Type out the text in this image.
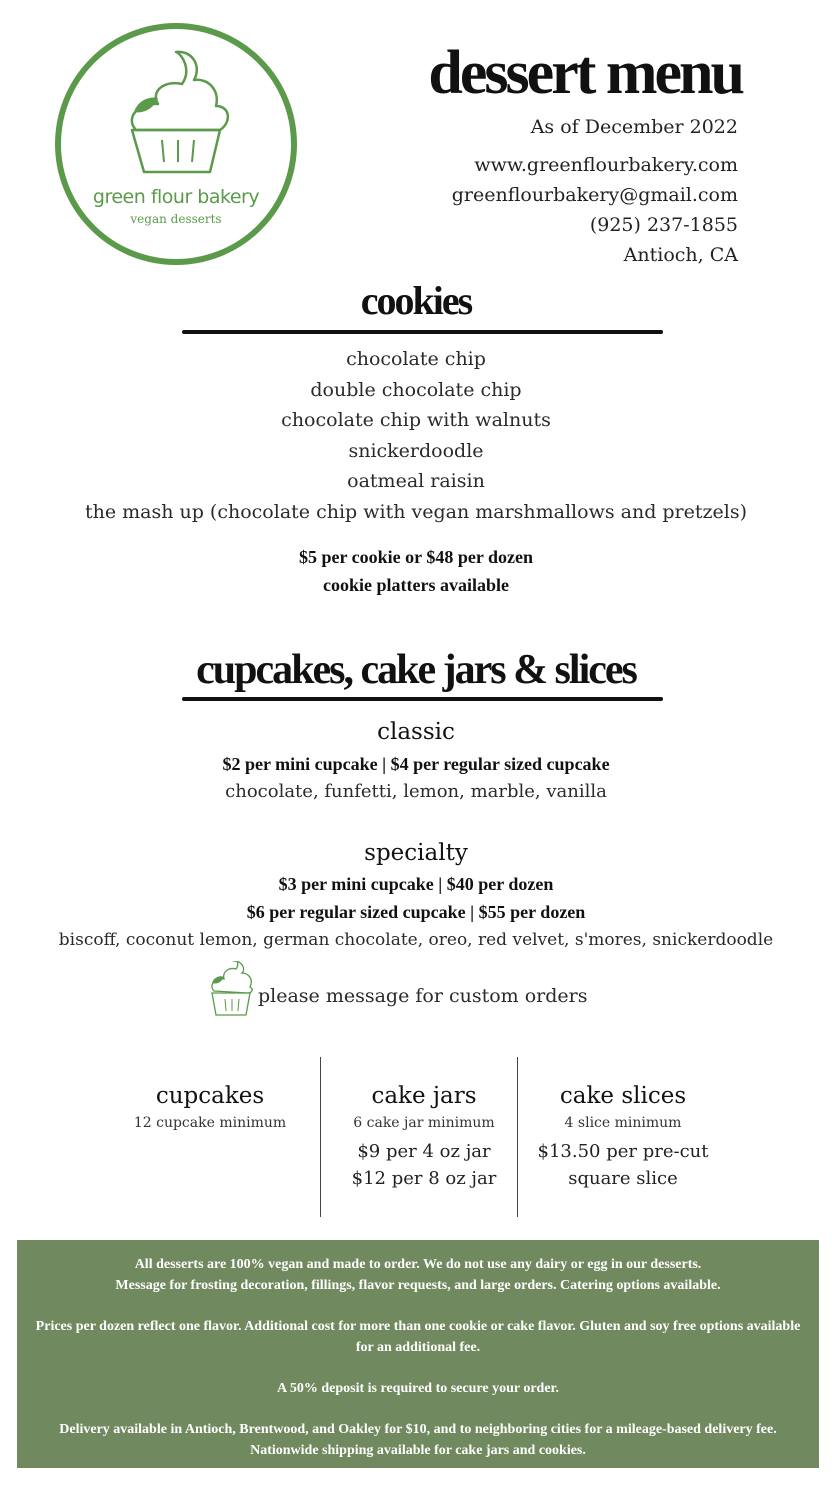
green flour bakery
vegan desserts
dessert menu
As of December 2022
www.greenflourbakery.com
greenflourbakery@gmail.com
(925) 237-1855
Antioch, CA
cookies
chocolate chip
double chocolate chip
chocolate chip with walnuts
snickerdoodle
oatmeal raisin
the mash up (chocolate chip with vegan marshmallows and pretzels)
$5 per cookie or $48 per dozen
cookie platters available
cupcakes, cake jars & slices
classic
$2 per mini cupcake | $4 per regular sized cupcake
chocolate, funfetti, lemon, marble, vanilla
specialty
$3 per mini cupcake | $40 per dozen
$6 per regular sized cupcake | $55 per dozen
biscoff, coconut lemon, german chocolate, oreo, red velvet, s'mores, snickerdoodle
please message for custom orders
cupcakes
12 cupcake minimum
cake jars
6 cake jar minimum
$9 per 4 oz jar
$12 per 8 oz jar
cake slices
4 slice minimum
$13.50 per pre-cut
square slice

All desserts are 100% vegan and made to order. We do not use any dairy or egg in our desserts.
Message for frosting decoration, fillings, flavor requests, and large orders. Catering options available.

Prices per dozen reflect one flavor. Additional cost for more than one cookie or cake flavor. Gluten and soy free options available for an additional fee.

A 50% deposit is required to secure your order.

Delivery available in Antioch, Brentwood, and Oakley for $10, and to neighboring cities for a mileage-based delivery fee. Nationwide shipping available for cake jars and cookies.
